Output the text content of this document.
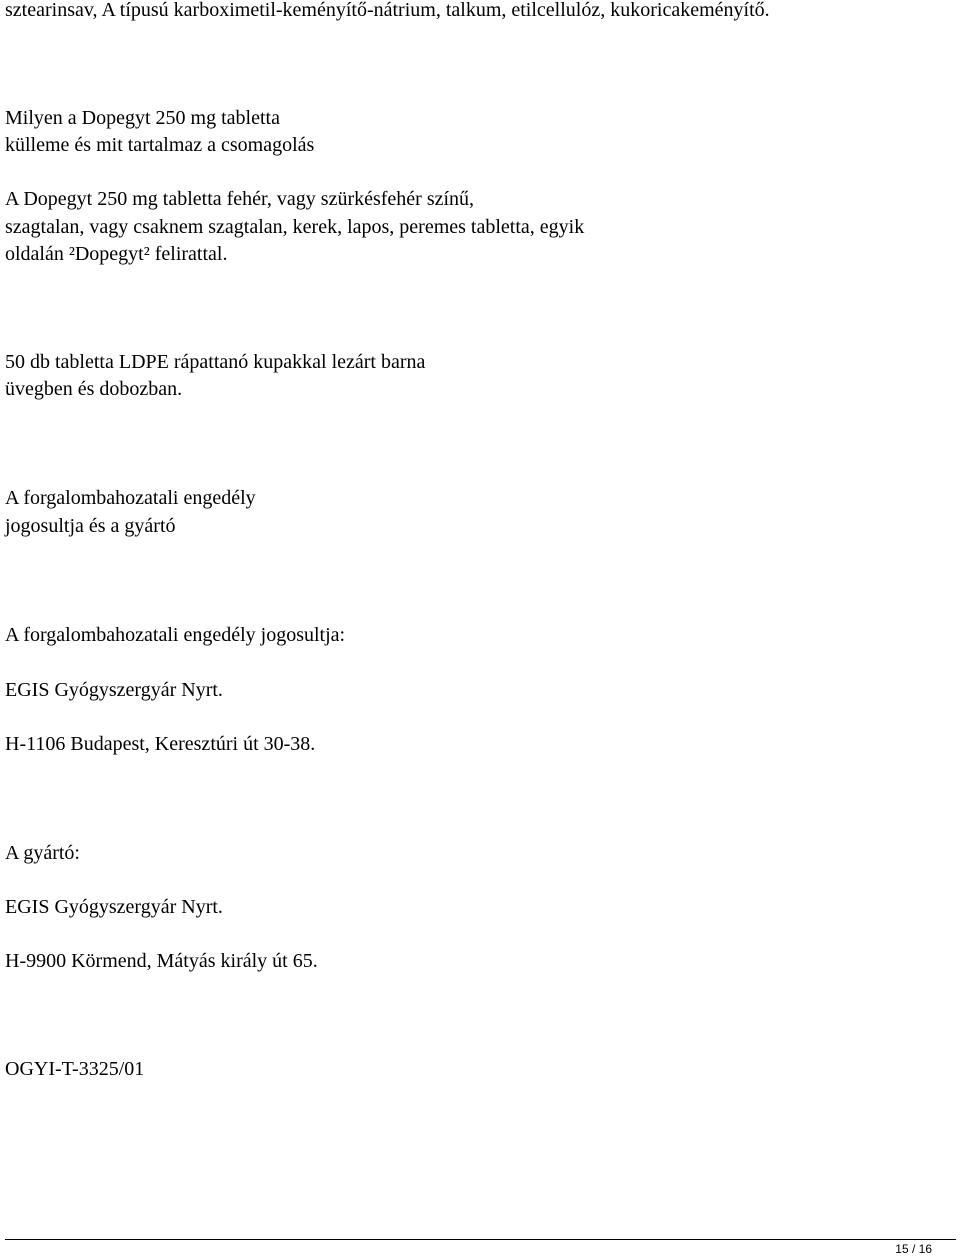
sztearinsav, A típusú karboximetil-keményítő-nátrium, talkum, etilcellulóz, kukoricakeményítő.

Milyen a Dopegyt 250 mg tabletta

külleme és mit tartalmaz a csomagolás

A Dopegyt 250 mg tabletta fehér, vagy szürkésfehér színű,

szagtalan, vagy csaknem szagtalan, kerek, lapos, peremes tabletta, egyik

oldalán ²Dopegyt² felirattal.

50 db tabletta LDPE rápattanó kupakkal lezárt barna

üvegben és dobozban.

A forgalombahozatali engedély

jogosultja és a gyártó

A forgalombahozatali engedély jogosultja:

EGIS Gyógyszergyár Nyrt.

H-1106 Budapest, Keresztúri út 30-38.

A gyártó:

EGIS Gyógyszergyár Nyrt.

H-9900 Körmend, Mátyás király út 65.

OGYI-T-3325/01

15 / 16
